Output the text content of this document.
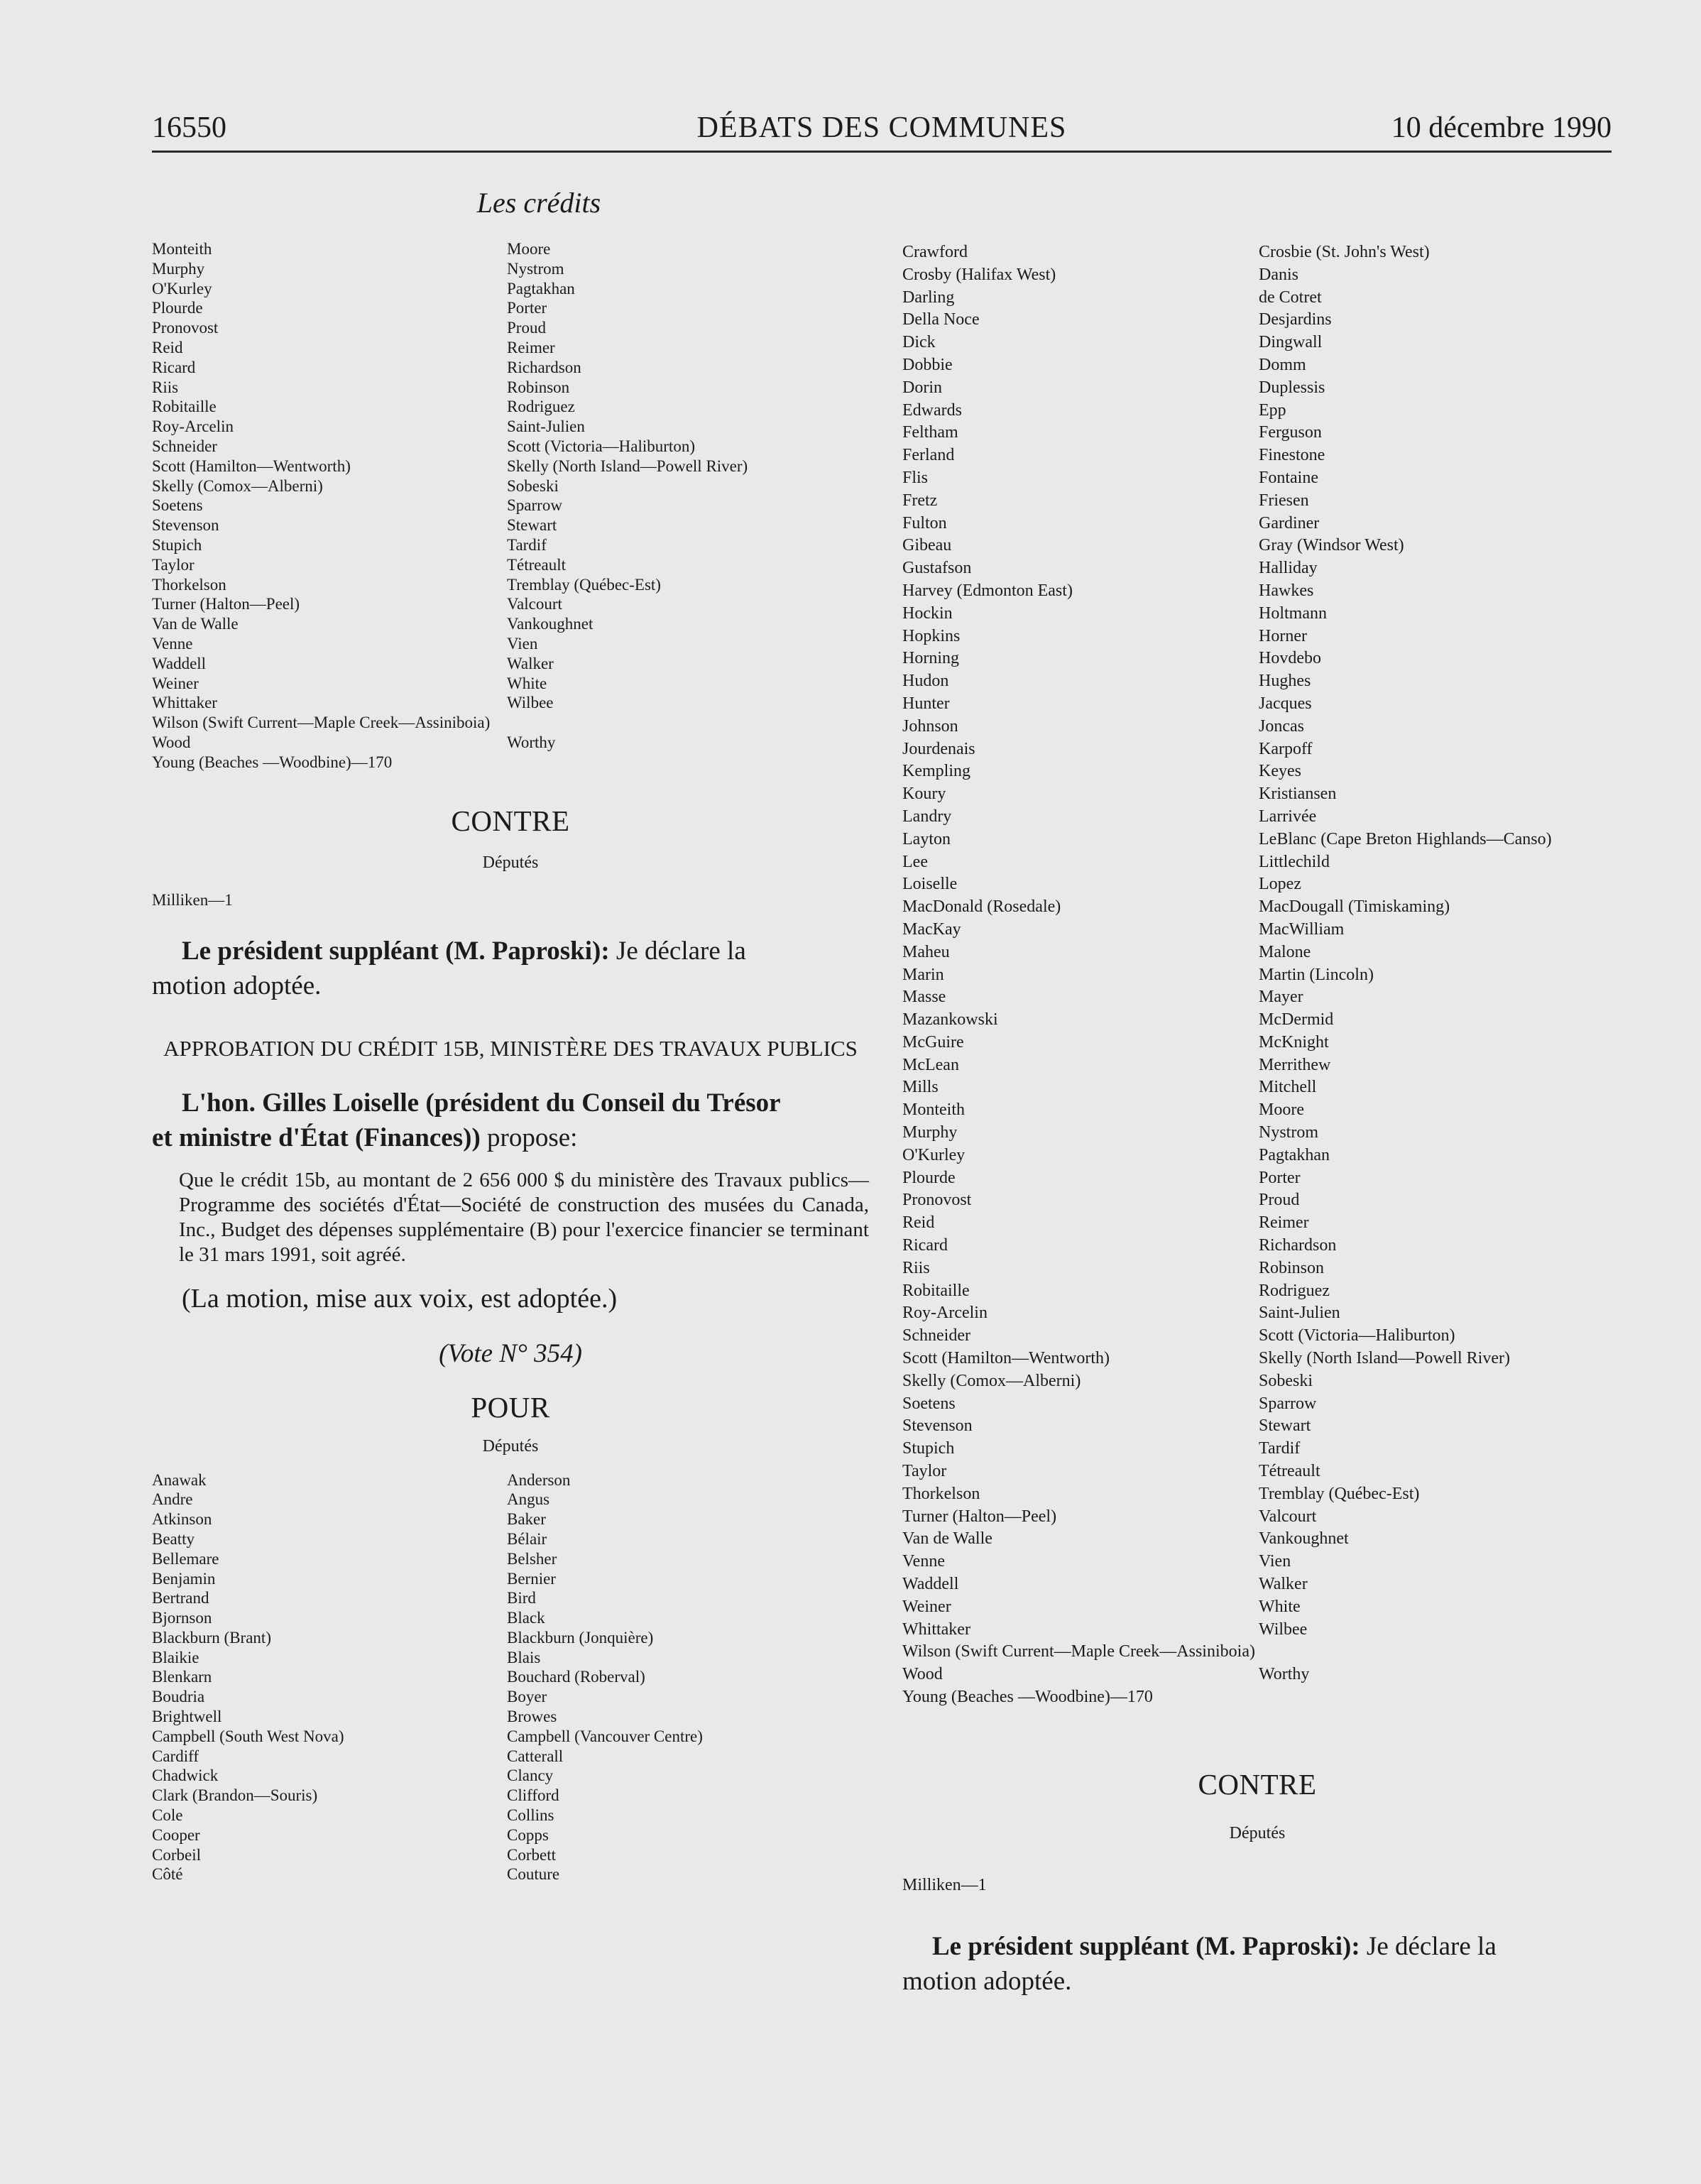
16550	DÉBATS DES COMMUNES	10 décembre 1990
Les crédits
Monteith	Moore
Murphy	Nystrom
O'Kurley	Pagtakhan
Plourde	Porter
Pronovost	Proud
Reid	Reimer
Ricard	Richardson
Riis	Robinson
Robitaille	Rodriguez
Roy-Arcelin	Saint-Julien
Schneider	Scott (Victoria—Haliburton)
Scott (Hamilton—Wentworth)	Skelly (North Island—Powell River)
Skelly (Comox—Alberni)	Sobeski
Soetens	Sparrow
Stevenson	Stewart
Stupich	Tardif
Taylor	Tétreault
Thorkelson	Tremblay (Québec-Est)
Turner (Halton—Peel)	Valcourt
Van de Walle	Vankoughnet
Venne	Vien
Waddell	Walker
Weiner	White
Whittaker	Wilbee
Wilson (Swift Current—Maple Creek—Assiniboia)
Wood	Worthy
Young (Beaches —Woodbine)—170
CONTRE
Députés
Milliken—1
Le président suppléant (M. Paproski): Je déclare la
motion adoptée.
APPROBATION DU CRÉDIT 15B, MINISTÈRE DES TRAVAUX PUBLICS
L'hon. Gilles Loiselle (président du Conseil du Trésor
et ministre d'État (Finances)) propose:
Que le crédit 15b, au montant de 2 656 000 $ du ministère des Travaux publics—Programme des sociétés d'État—Société de construction des musées du Canada, Inc., Budget des dépenses supplémentaire (B) pour l'exercice financier se terminant le 31 mars 1991, soit agréé.
(La motion, mise aux voix, est adoptée.)
(Vote N° 354)
POUR
Députés
Anawak	Anderson
Andre	Angus
Atkinson	Baker
Beatty	Bélair
Bellemare	Belsher
Benjamin	Bernier
Bertrand	Bird
Bjornson	Black
Blackburn (Brant)	Blackburn (Jonquière)
Blaikie	Blais
Blenkarn	Bouchard (Roberval)
Boudria	Boyer
Brightwell	Browes
Campbell (South West Nova)	Campbell (Vancouver Centre)
Cardiff	Catterall
Chadwick	Clancy
Clark (Brandon—Souris)	Clifford
Cole	Collins
Cooper	Copps
Corbeil	Corbett
Côté	Couture
Crawford	Crosbie (St. John's West)
Crosby (Halifax West)	Danis
Darling	de Cotret
Della Noce	Desjardins
Dick	Dingwall
Dobbie	Domm
Dorin	Duplessis
Edwards	Epp
Feltham	Ferguson
Ferland	Finestone
Flis	Fontaine
Fretz	Friesen
Fulton	Gardiner
Gibeau	Gray (Windsor West)
Gustafson	Halliday
Harvey (Edmonton East)	Hawkes
Hockin	Holtmann
Hopkins	Horner
Horning	Hovdebo
Hudon	Hughes
Hunter	Jacques
Johnson	Joncas
Jourdenais	Karpoff
Kempling	Keyes
Koury	Kristiansen
Landry	Larrivée
Layton	LeBlanc (Cape Breton Highlands—Canso)
Lee	Littlechild
Loiselle	Lopez
MacDonald (Rosedale)	MacDougall (Timiskaming)
MacKay	MacWilliam
Maheu	Malone
Marin	Martin (Lincoln)
Masse	Mayer
Mazankowski	McDermid
McGuire	McKnight
McLean	Merrithew
Mills	Mitchell
Monteith	Moore
Murphy	Nystrom
O'Kurley	Pagtakhan
Plourde	Porter
Pronovost	Proud
Reid	Reimer
Ricard	Richardson
Riis	Robinson
Robitaille	Rodriguez
Roy-Arcelin	Saint-Julien
Schneider	Scott (Victoria—Haliburton)
Scott (Hamilton—Wentworth)	Skelly (North Island—Powell River)
Skelly (Comox—Alberni)	Sobeski
Soetens	Sparrow
Stevenson	Stewart
Stupich	Tardif
Taylor	Tétreault
Thorkelson	Tremblay (Québec-Est)
Turner (Halton—Peel)	Valcourt
Van de Walle	Vankoughnet
Venne	Vien
Waddell	Walker
Weiner	White
Whittaker	Wilbee
Wilson (Swift Current—Maple Creek—Assiniboia)
Wood	Worthy
Young (Beaches —Woodbine)—170
CONTRE
Députés
Milliken—1
Le président suppléant (M. Paproski): Je déclare la
motion adoptée.
